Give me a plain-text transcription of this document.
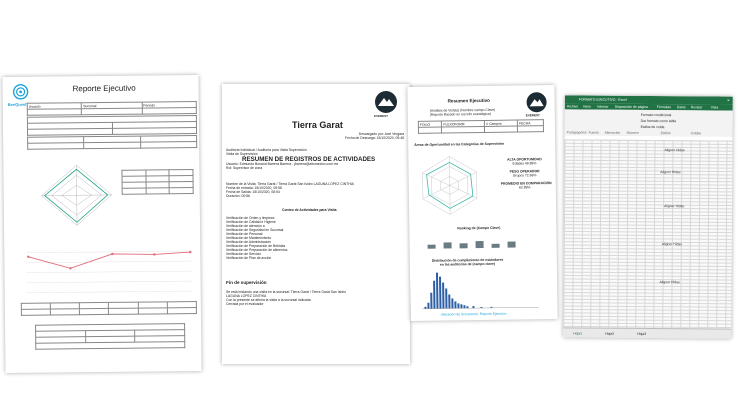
BeeQuest
Reporte Ejecutivo
Usuario	Sucursal	Periodo

EVEREST
Tierra Garat
Descargado por: Axel Vergara
Fecha de Descarga: 15/10/2020, 09:48
Auditoría Individual / Auditoría para Visita Supervisión
Visita de Supervisión
Usuario: Edmundo Bonand Barrera Barrera - jbarrera@altomexico.com.mx
Rol: Supervisor de zona
RESUMEN DE REGISTROS DE ACTIVIDADES
Nombre de la Visita: Tierra Garat / Tierra Garat San Isidro LAGUNA LOPEZ CINTHIA
Fecha de entrada: 15/10/2020, 09:58
Fecha de Salida: 15/10/2020, 08:54
Duración: 00:56
Conteo de Actividades para Visita
Verificación de Orden y limpieza
Verificación de Calidad e Higiene
Verificación de atención a
Verificación de Seguridad en Sucursal
Verificación de Personal
Verificación de Mantenimiento
Verificación de Administración
Verificación de Preparación de Bebidas
Verificación de Preparación de alimentos
Verificación de Servicio
Verificación de Plan de acción
Fin de supervisión
Se está iniciando una visita en la sucursal: Tierra Garat / Tierra Garat San Isidro
LAGUNA LOPEZ CINTHIA
Con la presente se afirma la visita a la sucursal indicada
Cerrada por el evaluador
EVEREST
Resumen Ejecutivo
(Análisis de Visitas) (Nombre campo Clave)
(Reporte Basado en tus Info estratégica)
FOLIO	FLEXOFORM	# Campos	FECHA

Áreas de Oportunidad en las Categorías de Supervisión
ALTA OPORTUNIDAD
Edades 49.89%
PESO OPERADOR
Grupos 72.69%
PROMEDIO EN COMPARACIÓN
62.89%
Ranking de (Campo Clave)
Distribución de cumplimiento de estándares
en las auditorías de (campo clave)
Ubicación de documento: Reporte Ejecutivo
FORMATO EJECUTIVO - Excel	✕
Archivo Inicio Insertar Disposición de página	Fórmulas Datos Revisar Vista
Formato condicional
Dar formato como tabla
Estilos de celda
Portapapeles Fuente Alineación Número	Estilos	Celdas
Aligner Hidae
Aligner Hidae
Aligner Hidae
Aligner Hidae
Aligner Hidae
Hoja1	Hoja2	Hoja3
